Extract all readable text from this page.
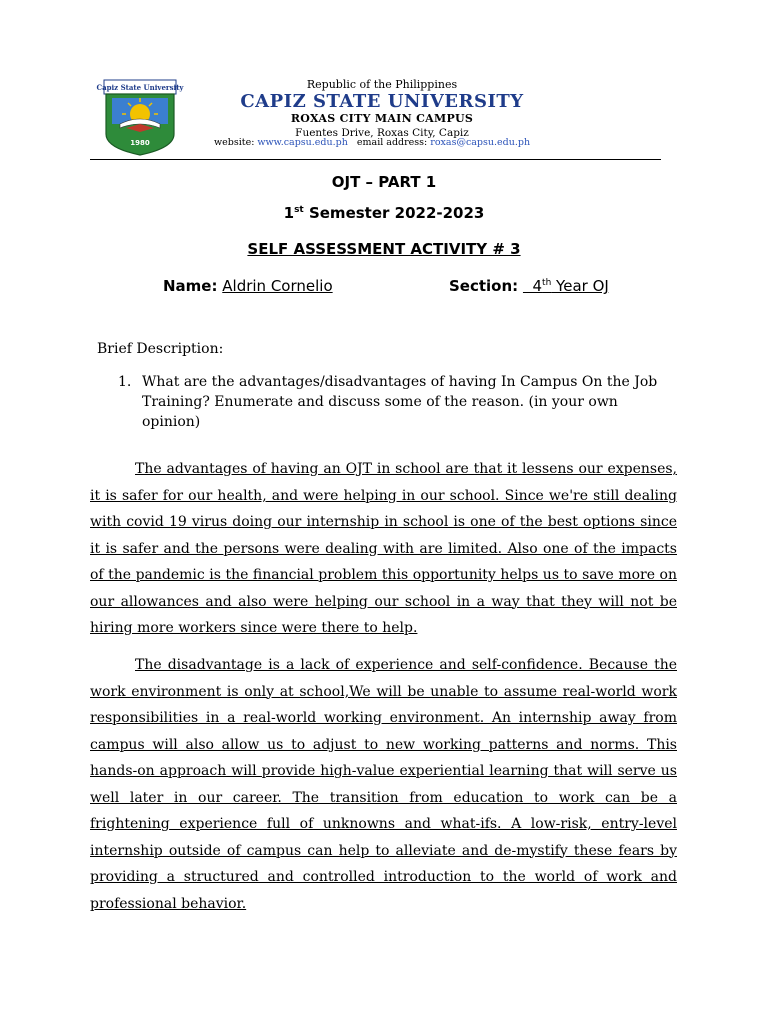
Capiz State University
1980
Republic of the Philippines
CAPIZ STATE UNIVERSITY
ROXAS CITY MAIN CAMPUS
Fuentes Drive, Roxas City, Capiz
website: www.capsu.edu.ph email address: roxas@capsu.edu.ph
OJT – PART 1
1st Semester 2022-2023
SELF ASSESSMENT ACTIVITY # 3
Name: Aldrin Cornelio	Section: 4th Year OJ
Brief Description:
1. What are the advantages/disadvantages of having In Campus On the Job Training? Enumerate and discuss some of the reason. (in your own opinion)

The advantages of having an OJT in school are that it lessens our expenses, it is safer for our health, and were helping in our school. Since we're still dealing with covid 19 virus doing our internship in school is one of the best options since it is safer and the persons were dealing with are limited. Also one of the impacts of the pandemic is the financial problem this opportunity helps us to save more on our allowances and also were helping our school in a way that they will not be hiring more workers since were there to help.

The disadvantage is a lack of experience and self-confidence. Because the work environment is only at school,We will be unable to assume real-world work responsibilities in a real-world working environment. An internship away from campus will also allow us to adjust to new working patterns and norms. This hands-on approach will provide high-value experiential learning that will serve us well later in our career. The transition from education to work can be a frightening experience full of unknowns and what-ifs. A low-risk, entry-level internship outside of campus can help to alleviate and de-mystify these fears by providing a structured and controlled introduction to the world of work and professional behavior.
